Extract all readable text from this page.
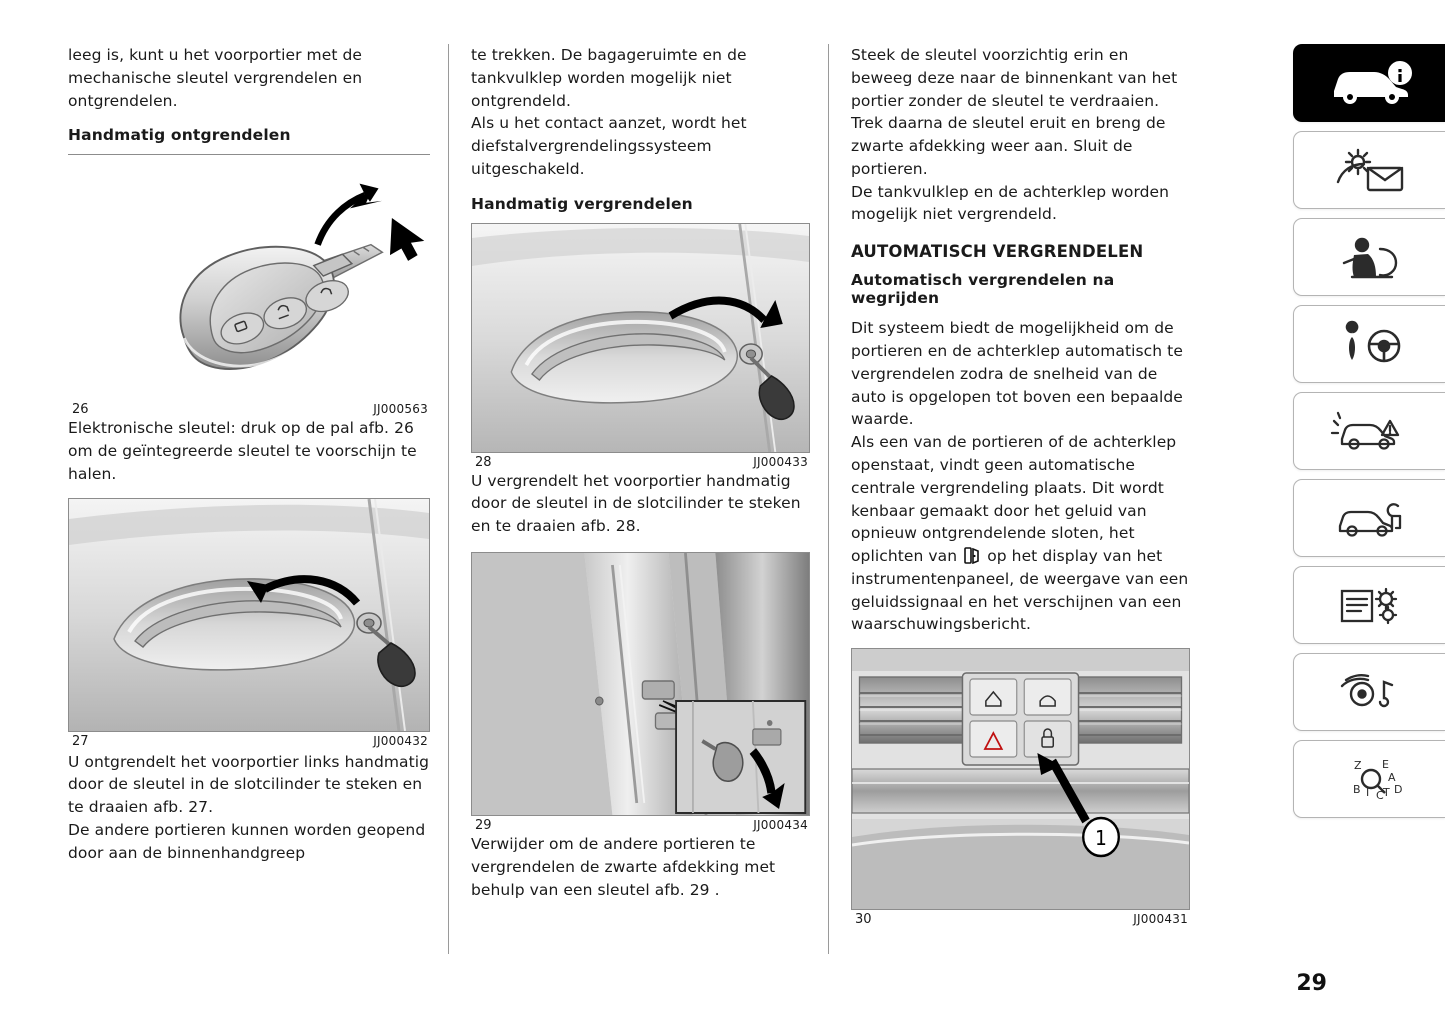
leeg is, kunt u het voorportier met de mechanische sleutel vergrendelen en ontgrendelen.

Handmatig ontgrendelen
26	JJ000563

Elektronische sleutel: druk op de pal afb. 26 om de geïntegreerde sleutel te voorschijn te halen.

27	JJ000432

U ontgrendelt het voorportier links handmatig door de sleutel in de slotcilinder te steken en te draaien afb. 27.

De andere portieren kunnen worden geopend door aan de binnenhandgreep

te trekken. De bagageruimte en de tankvulklep worden mogelijk niet ontgrendeld.

Als u het contact aanzet, wordt het diefstalvergrendelingssysteem uitgeschakeld.

Handmatig vergrendelen
28	JJ000433

U vergrendelt het voorportier handmatig door de sleutel in de slotcilinder te steken en te draaien afb. 28.

29	JJ000434

Verwijder om de andere portieren te vergrendelen de zwarte afdekking met behulp van een sleutel afb. 29 .

Steek de sleutel voorzichtig erin en beweeg deze naar de binnenkant van het portier zonder de sleutel te verdraaien.

Trek daarna de sleutel eruit en breng de zwarte afdekking weer aan. Sluit de portieren.

De tankvulklep en de achterklep worden mogelijk niet vergrendeld.

AUTOMATISCH VERGRENDELEN
Automatisch vergrendelen na wegrijden

Dit systeem biedt de mogelijkheid om de portieren en de achterklep automatisch te vergrendelen zodra de snelheid van de auto is opgelopen tot boven een bepaalde waarde.

Als een van de portieren of de achterklep openstaat, vindt geen automatische centrale vergrendeling plaats. Dit wordt kenbaar gemaakt door het geluid van opnieuw ontgrendelende sloten, het oplichten van op het display van het instrumentenpaneel, de weergave van een geluidssignaal en het verschijnen van een waarschuwingsbericht.

1
30	JJ000431
Z E
A
B I C T D
29
